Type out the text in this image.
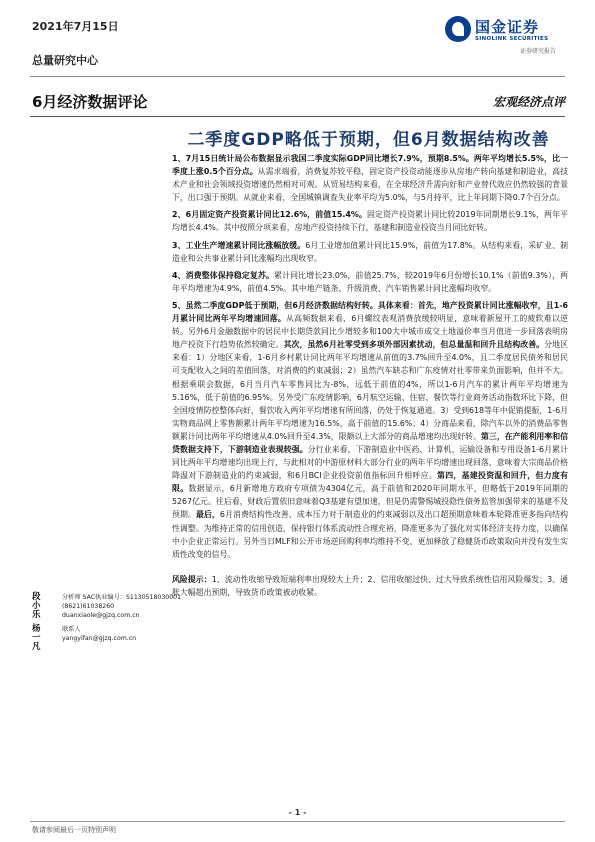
2021年7月15日
总量研究中心
国金证券
SINOLINK SECURITIES
证券研究报告
6月经济数据评论	宏观经济点评
二季度GDP略低于预期，但6月数据结构改善
段小乐
分析师 SAC执业编号：S1130518030001
(8621)61038260
duanxiaole@gjzq.com.cn
杨一凡
联系人
yangyifan@gjzq.com.cn

1、7月15日统计局公布数据显示我国二季度实际GDP同比增长7.9%，预期8.5%。两年平均增长5.5%，比一季度上涨0.5个百分点。从需求端看，消费复苏较平稳，固定资产投资动能逐步从房地产转向基建和制造业，高技术产业和社会领域投资增速仍然相对可观。从贸易结构来看，在全球经济升需向好和产业替代效应仍然较强的背景下，出口强于预期。从就业来看，全国城镇调查失业率平均为5.0%，与5月持平，比上年同期下降0.7个百分点。

2、6月固定资产投资累计同比12.6%，前值15.4%。固定资产投资累计同比较2019年同期增长9.1%，两年平均增长4.4%。其中按照分项来看，房地产投资持续下行，基建和制造业投资当月同比好转。

3、工业生产增速累计同比涨幅放缓。6月工业增加值累计同比15.9%，前值为17.8%。从结构来看，采矿业、制造业和公共事业累计同比涨幅均出现收窄。

4、消费整体保持稳定复苏。累计同比增长23.0%，前值25.7%，较2019年6月份增长10.1%（前值9.3%），两年平均增速为4.9%，前值4.5%。其中地产链条、升级消费、汽车销售累计同比涨幅均收窄。

5、虽然二季度GDP低于预期，但6月经济数据结构好转。具体来看：首先，地产投资累计同比涨幅收窄，且1-6月累计同比两年平均增速回落。从高频数据来看，6月螺纹表观消费放缓较明显，意味着新屋开工的疲软难以逆转。另外6月金融数据中的居民中长期贷款同比少增较多和100大中城市成交土地溢价率当月值进一步回落表明房地产投资下行趋势依然较确定。其次，虽然6月社零受到多项外部因素扰动，但总量温和回升且结构改善。分地区来看：1）分地区来看，1-6月乡村累计同比两年平均增速从前值的3.7%回升至4.0%，且二季度居民债务和居民可支配收入之间的差值回落，对消费的约束减弱；2）虽然汽车缺芯和广东疫情对社零带来负面影响，但并不大。根据乘联会数据，6月当月汽车零售同比为-8%，远低于前值的4%，所以1-6月汽车的累计两年平均增速为5.16%，低于前值的6.95%。另外受广东疫情影响，6月航空运输、住宿、餐饮等行业商务活动指数环比下降，但全国疫情防控整体向好，餐饮收入两年平均增速有所回落，仍处于恢复通道。3）受到618等年中促销提振，1-6月实物商品网上零售额累计两年平均增速为16.5%，高于前值的15.6%；4）分商品来看，除汽车以外的消费品零售额累计同比两年平均增速从4.0%回升至4.3%，限额以上大部分的商品增速均出现好转。第三，在产能利用率和信贷数据支持下，下游制造业表现较强。分行业来看，下游制造业中医药、计算机、运输设备和专用设备1-6月累计同比两年平均增速均出现上行，与此相对的中游原材料大部分行业的两年平均增速出现回落，意味着大宗商品价格降温对下游制造业的约束减弱，和6月BCI企业投资前值指标回升相呼应。第四，基建投资温和回升，但力度有限。数据显示，6月新增地方政府专项债为4304亿元，高于前值和2020年同期水平，但略低于2019年同期的5267亿元。往后看，财政后置依旧意味着Q3基建有望加速，但是仍需警惕城投隐性债务监管加强带来的基建不及预期。最后，6月消费结构性改善、成本压力对于制造业的约束减弱以及出口超预期意味着本轮降准更多指向结构性调整。为维持正常的信用创造，保持银行体系流动性合理充裕，降准更多为了强化对实体经济支持力度，以确保中小企业正常运行。另外当日MLF和公开市场逆回购利率均维持不变，更加释放了稳健货币政策取向并没有发生实质性改变的信号。

风险提示：1、流动性收缩导致短端利率出现较大上升；2、信用收缩过快、过大导致系统性信用风险爆发；3、通胀大幅超出预期，导致货币政策被动收紧。

- 1 -
敬请参阅最后一页特别声明
